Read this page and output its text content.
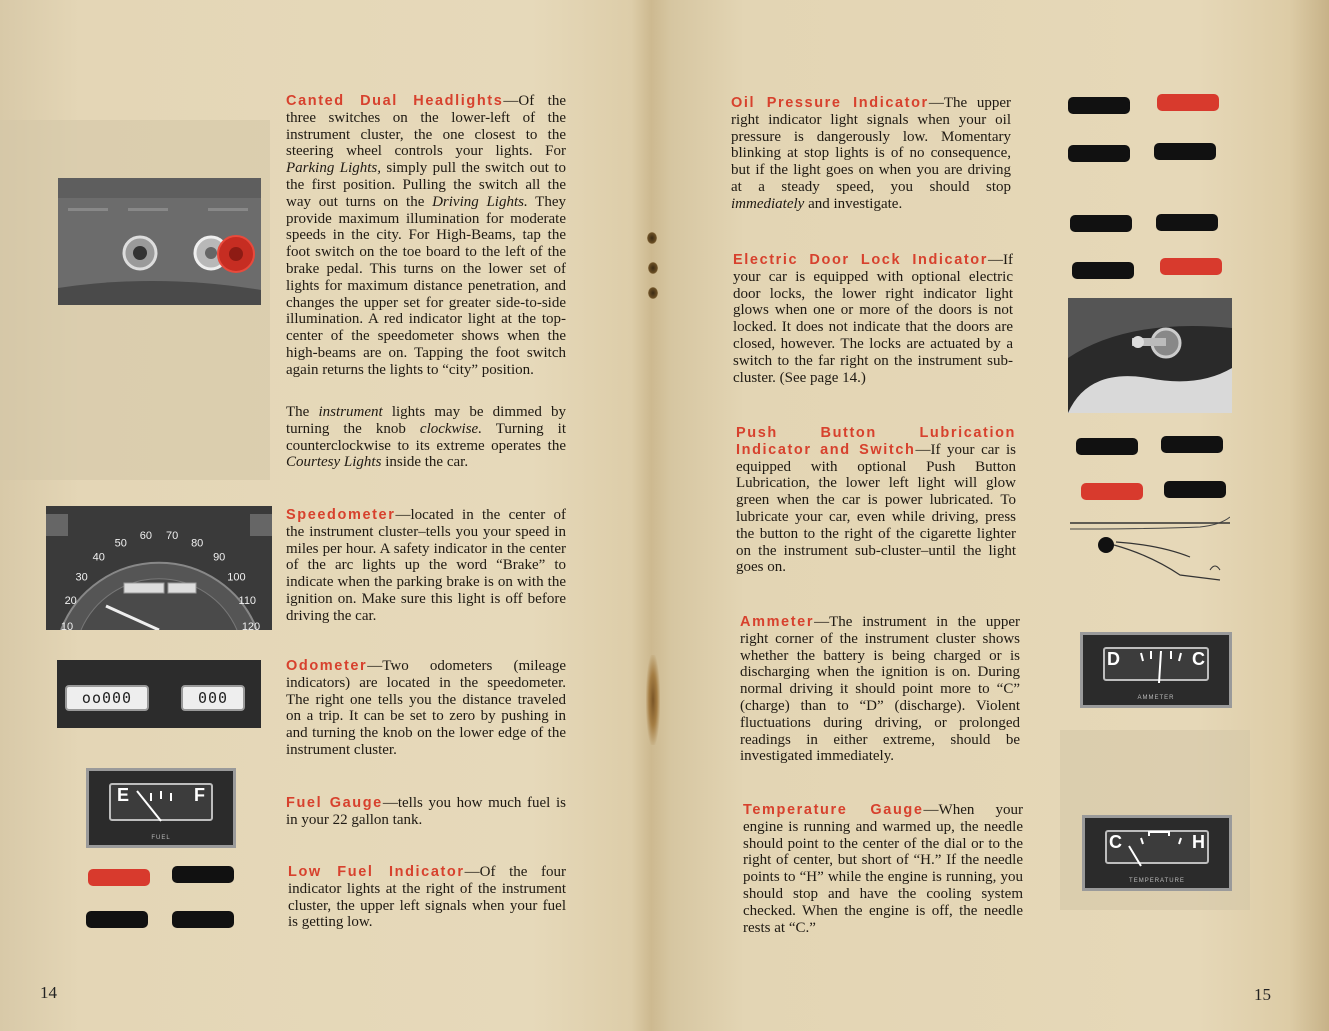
Canted Dual Headlights—Of the three switches on the lower-left of the instrument cluster, the one closest to the steering wheel controls your lights. For Parking Lights, simply pull the switch out to the first position. Pulling the switch all the way out turns on the Driving Lights. They provide maximum illumination for moderate speeds in the city. For High-Beams, tap the foot switch on the toe board to the left of the brake pedal. This turns on the lower set of lights for maximum distance penetration, and changes the upper set for greater side-to-side illumination. A red indicator light at the top-center of the speedometer shows when the high-beams are on. Tapping the foot switch again returns the lights to “city” position.

The instrument lights may be dimmed by turning the knob clockwise. Turning it counterclockwise to its extreme operates the Courtesy Lights inside the car.

10
20
30
40
50
60 70
80
90
100
110
120

Speedometer—located in the center of the instrument cluster–tells you your speed in miles per hour. A safety indicator in the center of the arc lights up the word “Brake” to indicate when the parking brake is on with the ignition on. Make sure this light is off before driving the car.

oo000	000

Odometer—Two odometers (mileage indicators) are located in the speedometer. The right one tells you the distance traveled on a trip. It can be set to zero by pushing in and turning the knob on the lower edge of the instrument cluster.

E	F
FUEL

Fuel Gauge—tells you how much fuel is in your 22 gallon tank.

Low Fuel Indicator—Of the four indicator lights at the right of the instrument cluster, the upper left signals when your fuel is getting low.

14

Oil Pressure Indicator—The upper right indicator light signals when your oil pressure is dangerously low. Momentary blinking at stop lights is of no consequence, but if the light goes on when you are driving at a steady speed, you should stop immediately and investigate.

Electric Door Lock Indicator—If your car is equipped with optional electric door locks, the lower right indicator light glows when one or more of the doors is not locked. It does not indicate that the doors are closed, however. The locks are actuated by a switch to the far right on the instrument sub-cluster. (See page 14.)

Push Button Lubrication Indicator and Switch—If your car is equipped with optional Push Button Lubrication, the lower left light will glow green when the car is power lubricated. To lubricate your car, even while driving, press the button to the right of the cigarette lighter on the instrument sub-cluster–until the light goes on.

Ammeter—The instrument in the upper right corner of the instrument cluster shows whether the battery is being charged or is discharging when the ignition is on. During normal driving it should point more to “C” (charge) than to “D” (discharge). Violent fluctuations during driving, or prolonged readings in either extreme, should be investigated immediately.

D	C
AMMETER

Temperature Gauge—When your engine is running and warmed up, the needle should point to the center of the dial or to the right of center, but short of “H.” If the needle points to “H” while the engine is running, you should stop and have the cooling system checked. When the engine is off, the needle rests at “C.”

C	H
TEMPERATURE
15
